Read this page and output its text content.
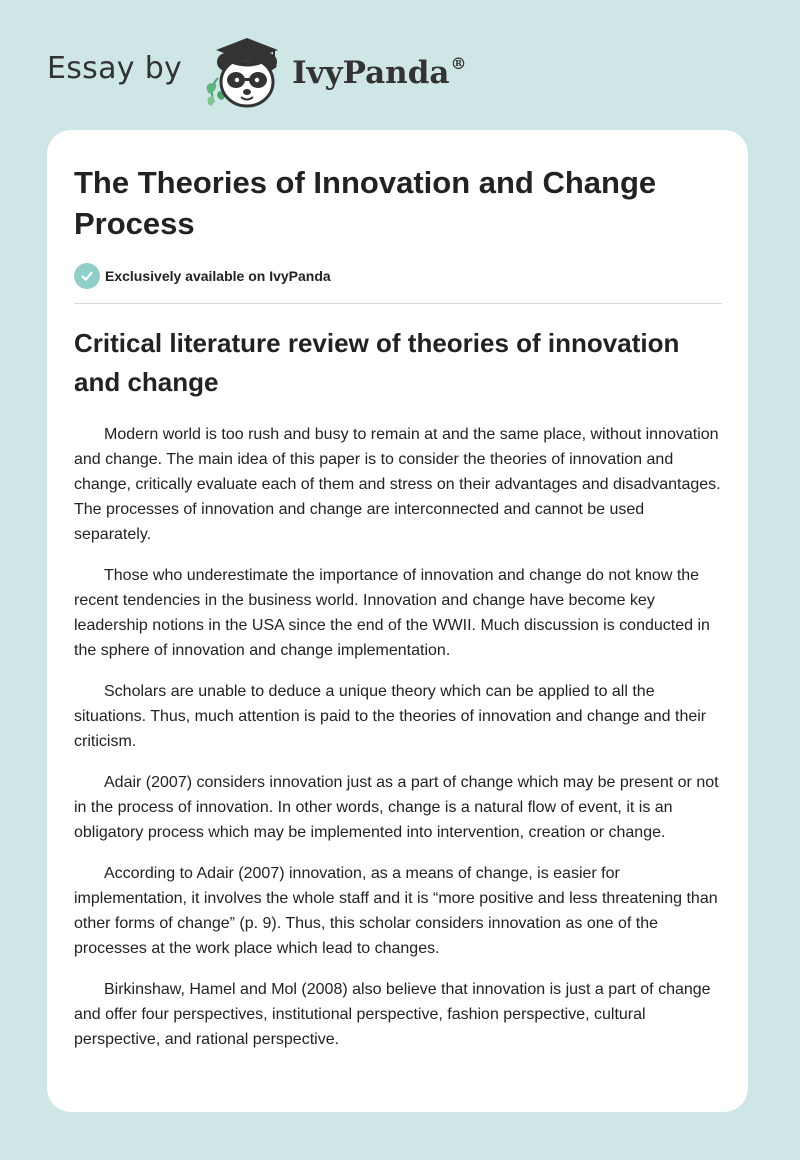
Essay by	IvyPanda®
The Theories of Innovation and Change Process
Exclusively available on IvyPanda
Critical literature review of theories of innovation and change

Modern world is too rush and busy to remain at and the same place, without innovation and change. The main idea of this paper is to consider the theories of innovation and change, critically evaluate each of them and stress on their advantages and disadvantages. The processes of innovation and change are interconnected and cannot be used separately.

Those who underestimate the importance of innovation and change do not know the recent tendencies in the business world. Innovation and change have become key leadership notions in the USA since the end of the WWII. Much discussion is conducted in the sphere of innovation and change implementation.

Scholars are unable to deduce a unique theory which can be applied to all the situations. Thus, much attention is paid to the theories of innovation and change and their criticism.

Adair (2007) considers innovation just as a part of change which may be present or not in the process of innovation. In other words, change is a natural flow of event, it is an obligatory process which may be implemented into intervention, creation or change.

According to Adair (2007) innovation, as a means of change, is easier for implementation, it involves the whole staff and it is “more positive and less threatening than other forms of change” (p. 9). Thus, this scholar considers innovation as one of the processes at the work place which lead to changes.

Birkinshaw, Hamel and Mol (2008) also believe that innovation is just a part of change and offer four perspectives, institutional perspective, fashion perspective, cultural perspective, and rational perspective.
